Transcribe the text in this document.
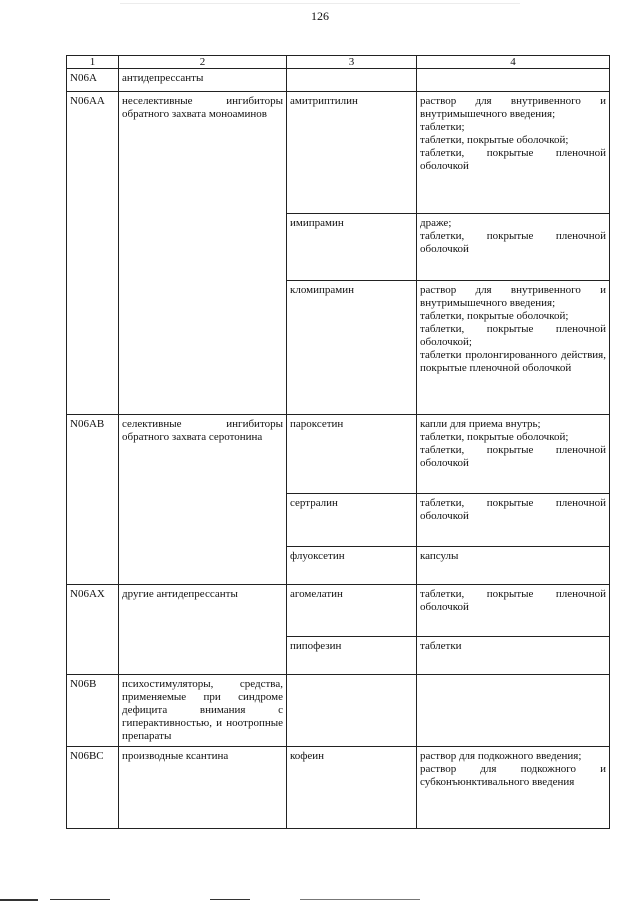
126
1	2	3	4
N06A	антидепрессанты		
N06AA	неселективные ингибиторы обратного захвата моноаминов	амитриптилин	раствор для внутривенного и внутримышечного введения;
таблетки;
таблетки, покрытые оболочкой;
таблетки, покрытые пленочной оболочкой

		имипрамин	драже;
таблетки, покрытые пленочной оболочкой

		кломипрамин	раствор для внутривенного и внутримышечного введения;
таблетки, покрытые оболочкой;
таблетки, покрытые пленочной оболочкой;
таблетки пролонгированного действия, покрытые пленочной оболочкой

N06AB	селективные ингибиторы обратного захвата серотонина	пароксетин	капли для приема внутрь;
таблетки, покрытые оболочкой;
таблетки, покрытые пленочной оболочкой

		сертралин	таблетки, покрытые пленочной оболочкой

		флуоксетин	капсулы

N06AX	другие антидепрессанты	агомелатин	таблетки, покрытые пленочной оболочкой

		пипофезин	таблетки

N06B	психостимуляторы, средства, применяемые при синдроме дефицита внимания с гиперактивностью, и ноотропные препараты		
N06BC	производные ксантина	кофеин	раствор для подкожного введения;
раствор для подкожного и субконъюнктивального введения
